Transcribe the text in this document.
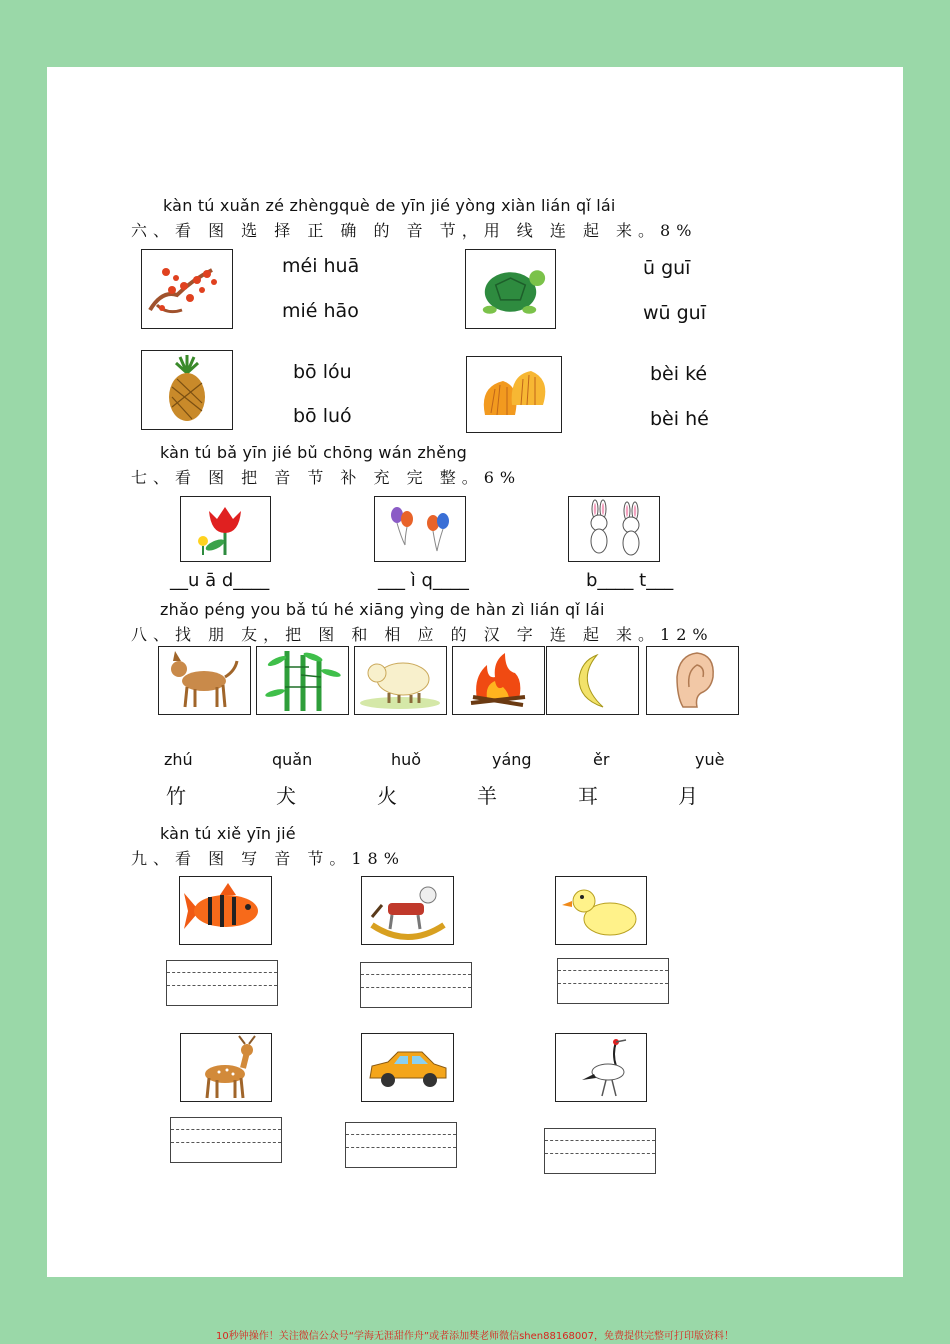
kàn tú xuǎn zé zhèngquè de yīn jié yòng xiàn lián qǐ lái
六、看 图 选 择 正 确 的 音 节，用 线 连 起 来。8%
méi huā
mié hāo
ū guī
wū guī
bō lóu
bō luó
bèi ké
bèi hé
kàn tú bǎ yīn jié bǔ chōng wán zhěng
七、看 图 把 音 节 补 充 完 整。6%
__u ā d____	___ ì q____	b____ t___
zhǎo péng you bǎ tú hé xiāng yìng de hàn zì lián qǐ lái
八、找 朋 友，把 图 和 相 应 的 汉 字 连 起 来。12%
zhú	quǎn	huǒ	yáng	ěr	yuè
竹	犬	火	羊	耳	月
kàn tú xiě yīn jié
九、看 图 写 音 节。18%
10秒钟操作！关注微信公众号“学海无涯甜作舟”或者添加樊老师微信shen88168007，免费提供完整可打印版资料！
